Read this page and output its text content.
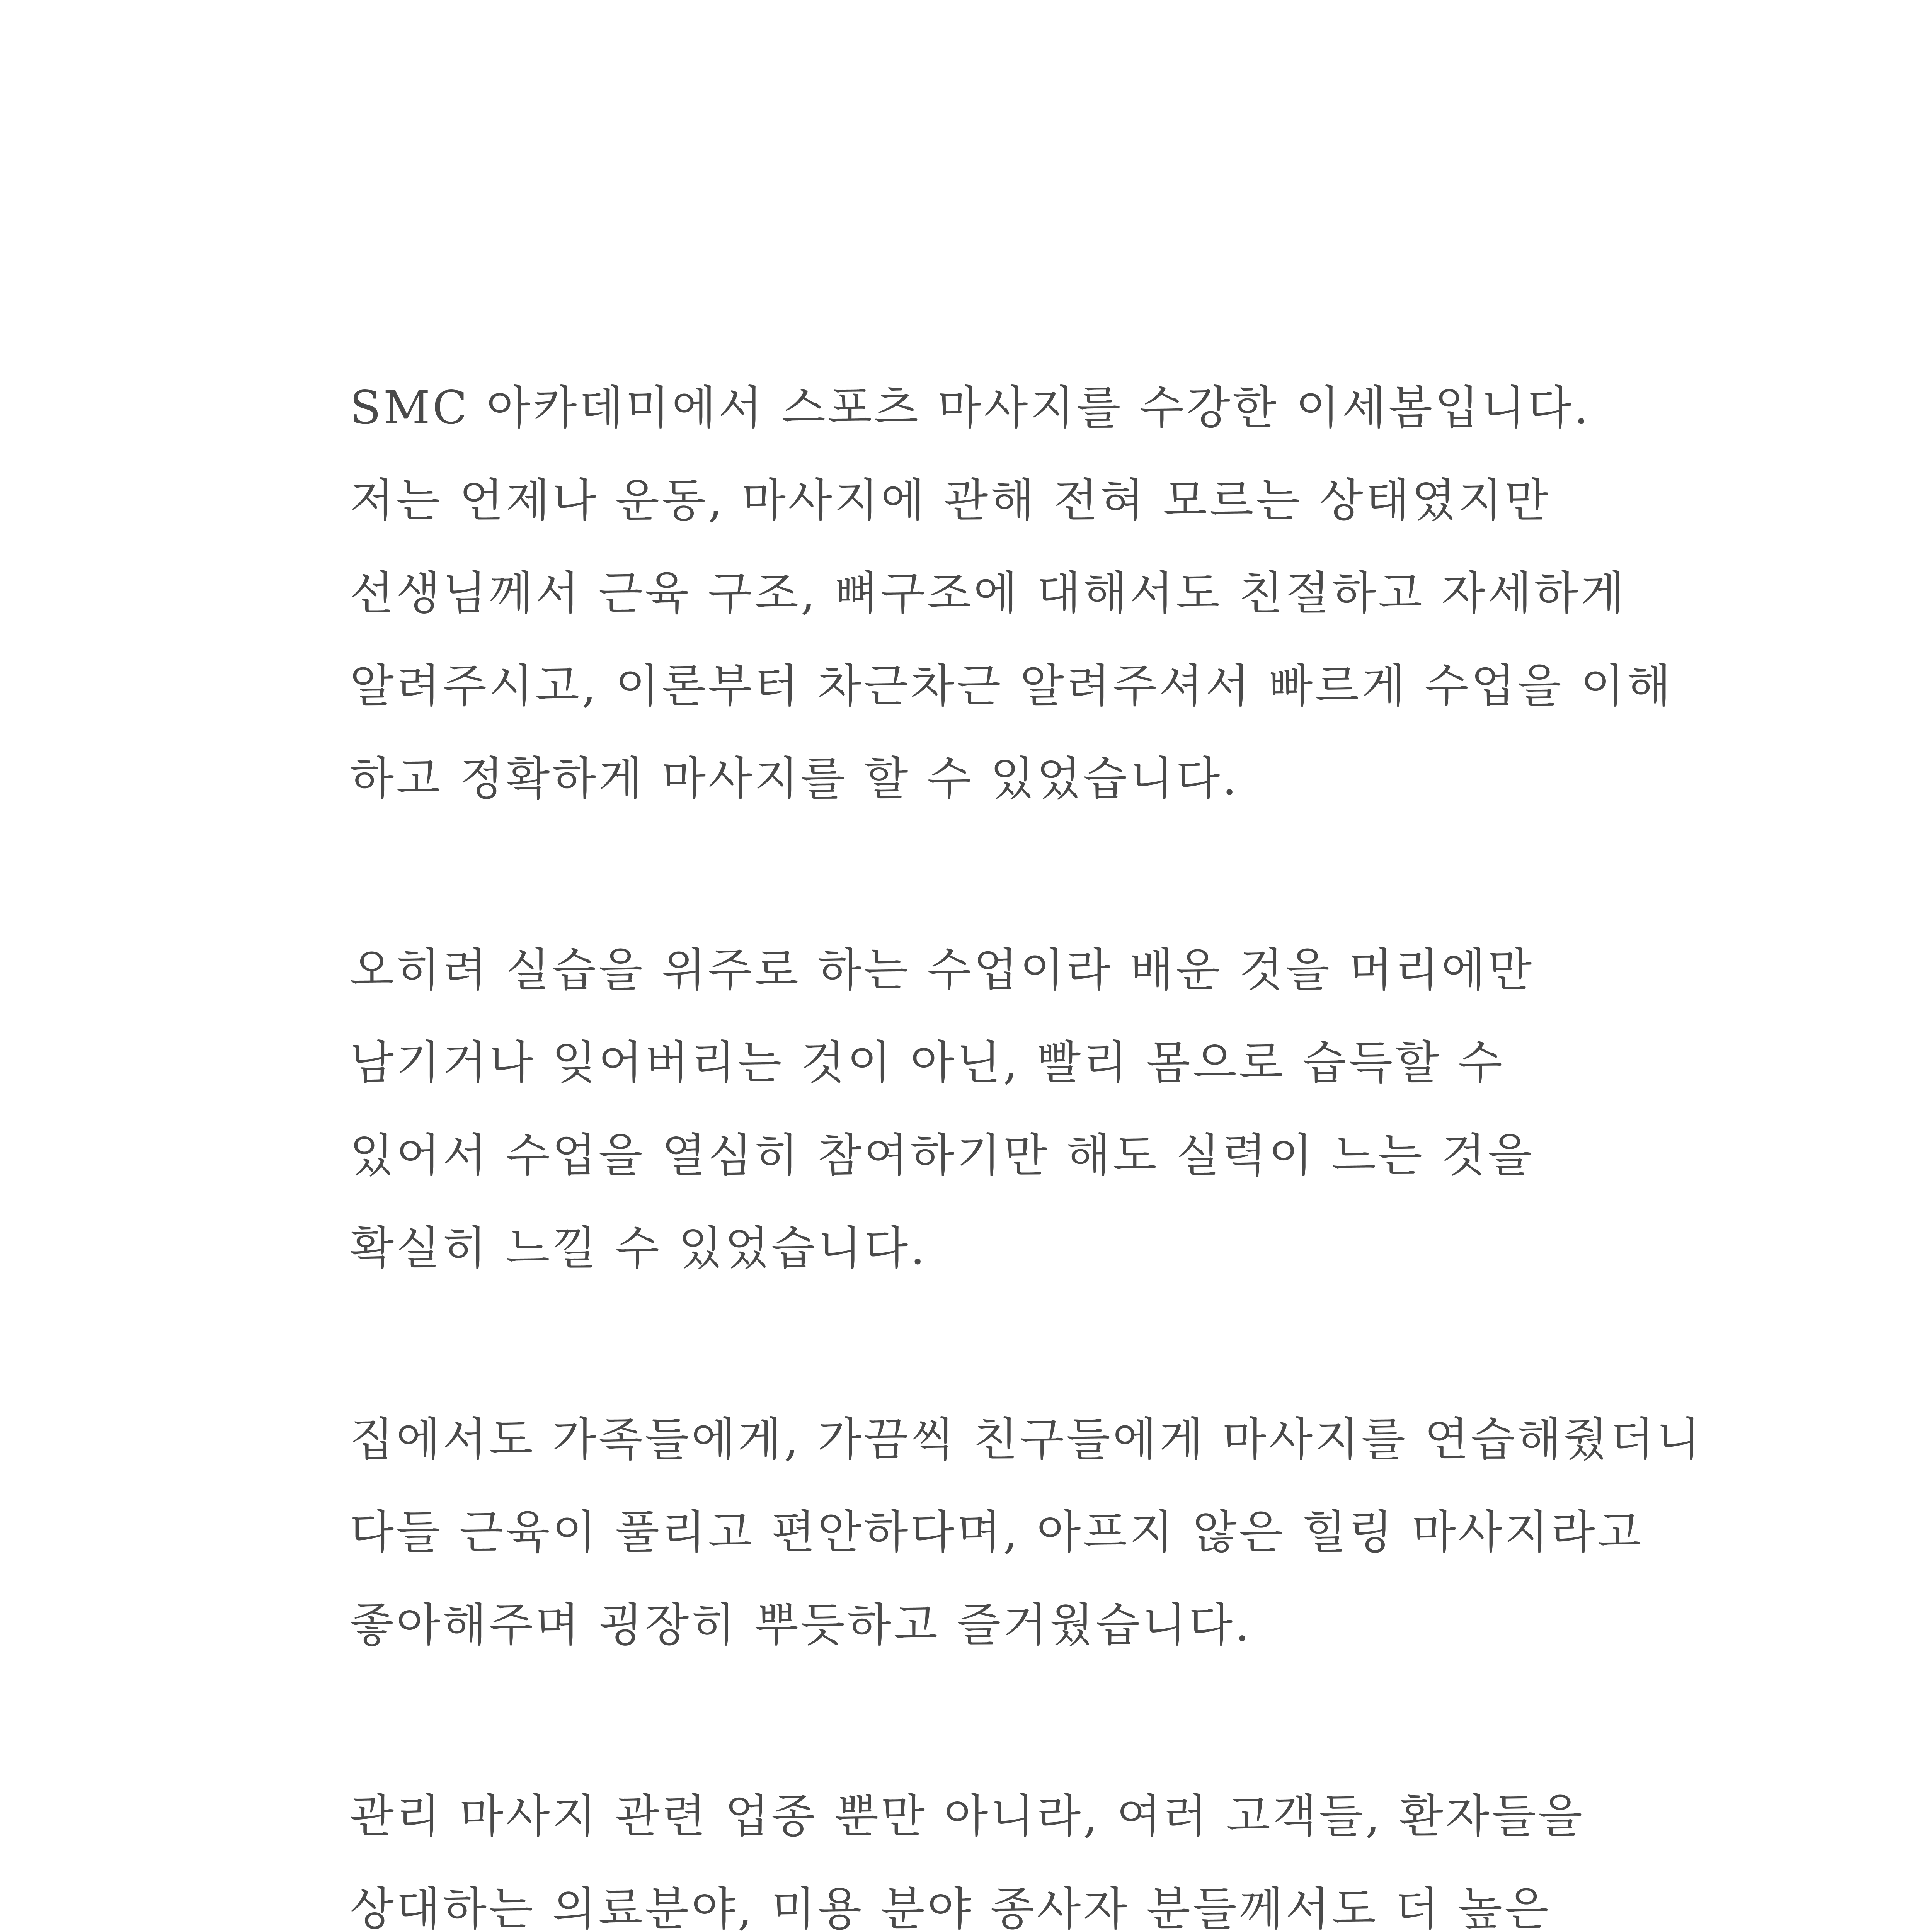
SMC 아카데미에서 스포츠 마사지를 수강한 이세봄입니다.
저는 언제나 운동, 마사지에 관해 전혀 모르는 상태였지만
선생님께서 근육 구조, 뼈구조에 대해서도 친절하고 자세하게
알려주시고, 이론부터 차근차근 알려주셔서 빠르게 수업을 이해
하고 정확하게 마사지를 할 수 있었습니다.
오히려 실습을 위주로 하는 수업이라 배운 것을 머리에만
남기거나 잊어버리는 것이 아닌, 빨리 몸으로 습득할 수
있어서 수업을 열심히 참여하기만 해도 실력이 느는 것을
확실히 느낄 수 있었습니다.
집에서도 가족들에게, 가끔씩 친구들에게 마사지를 연습해줬더니
다들 근육이 풀리고 편안하다며, 아프지 않은 힐링 마사지라고
좋아해주며 굉장히 뿌듯하고 즐거웠습니다.
관리 마사지 관련 업종 뿐만 아니라, 여러 고객들, 환자들을
상대하는 의료분야, 미용 분야 종사자 분들께서도 더 높은
